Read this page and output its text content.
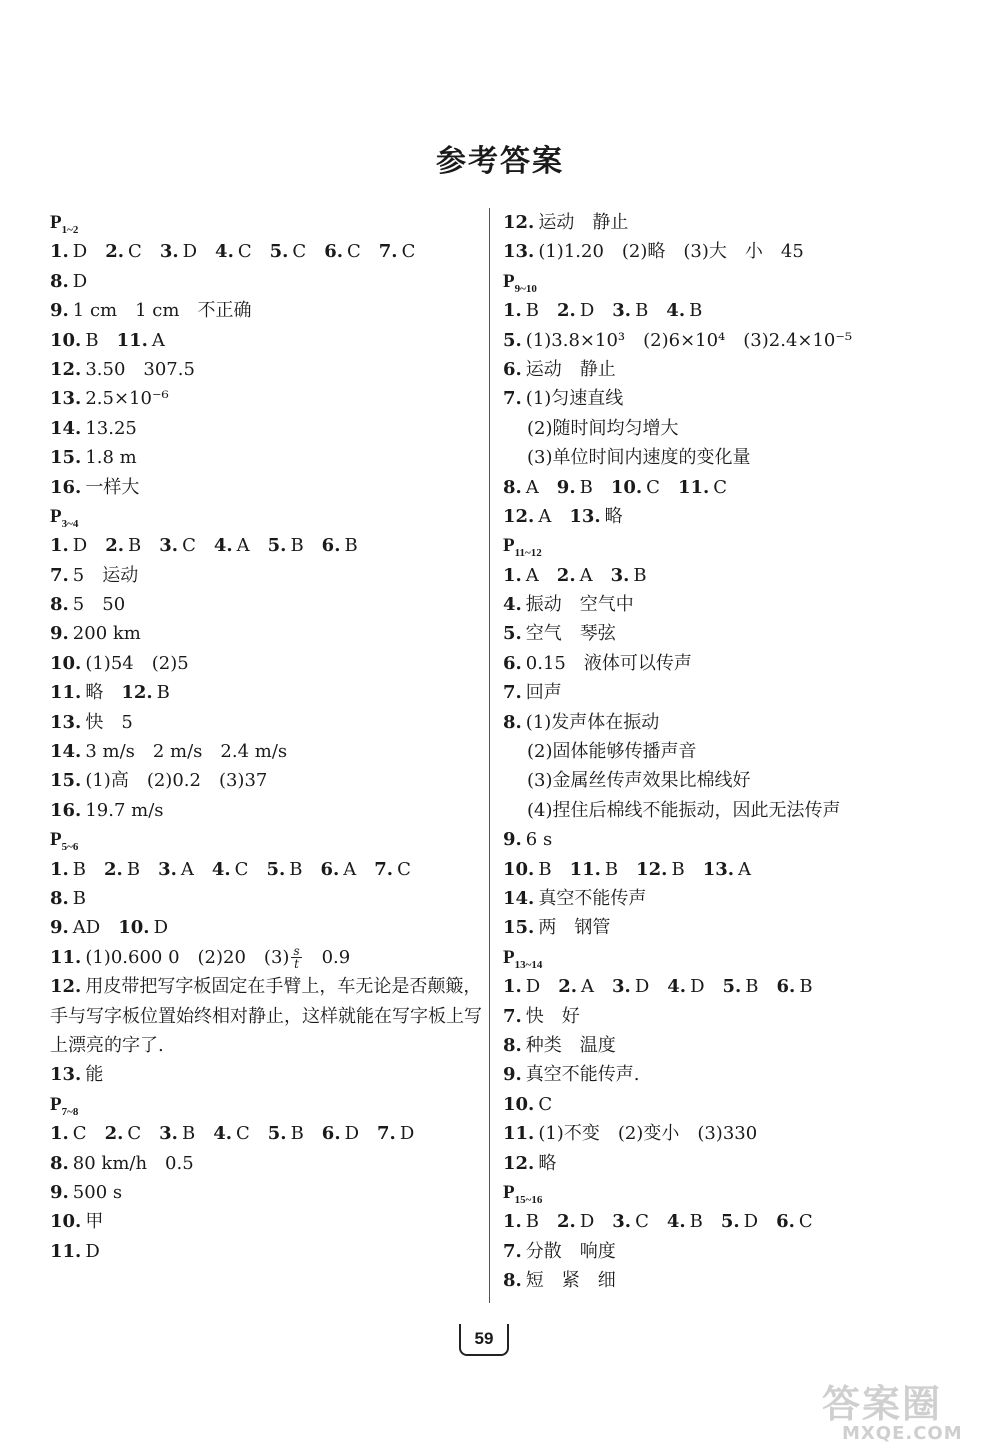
参考答案
$P_{1\sim 2}$
1. D 2. C 3. D 4. C 5. C 6. C 7. C
8. D
9. 1 cm　1 cm　不正确
10. B 11. A
12. 3.50　307.5
13. 2.5×10⁻⁶
14. 13.25
15. 1.8 m
16. 一样大
$P_{3\sim 4}$
1. D 2. B 3. C 4. A 5. B 6. B
7. 5　运动
8. 5　50
9. 200 km
10. (1)54　(2)5
11. 略 12. B
13. 快　5
14. 3 m/s　2 m/s　2.4 m/s
15. (1)高　(2)0.2　(3)37
16. 19.7 m/s
$P_{5\sim 6}$
1. B 2. B 3. A 4. C 5. B 6. A 7. C
8. B
9. AD 10. D
11. (1)0.600 0　(2)20　$(3) \frac{s}{t}$ 　0.9
12. 用皮带把写字板固定在手臂上，车无论是否颠簸，手与写字板位置始终相对静止，这样就能在写字板上写上漂亮的字了.
13. 能
$P_{7\sim 8}$
1. C 2. C 3. B 4. C 5. B 6. D 7. D
8. 80 km/h　0.5
9. 500 s
10. 甲
11. D
12. 运动　静止
13. (1)1.20　(2)略　(3)大　小　45
$P_{9\sim 10}$
1. B 2. D 3. B 4. B
5. (1)3.8×10³　(2)6×10⁴　(3)2.4×10⁻⁵
6. 运动　静止
7. (1)匀速直线
(2)随时间均匀增大
(3)单位时间内速度的变化量
8. A 9. B 10. C 11. C
12. A 13. 略
$P_{11\sim 12}$
1. A 2. A 3. B
4. 振动　空气中
5. 空气　琴弦
6. 0.15　液体可以传声
7. 回声
8. (1)发声体在振动
(2)固体能够传播声音
(3)金属丝传声效果比棉线好
(4)捏住后棉线不能振动，因此无法传声
9. 6 s
10. B 11. B 12. B 13. A
14. 真空不能传声
15. 两　钢管
$P_{13\sim 14}$
1. D 2. A 3. D 4. D 5. B 6. B
7. 快　好
8. 种类　温度
9. 真空不能传声.
10. C
11. (1)不变　(2)变小　(3)330
12. 略
$P_{15\sim 16}$
1. B 2. D 3. C 4. B 5. D 6. C
7. 分散　响度
8. 短　紧　细
59
答案圈
MXQE.COM
